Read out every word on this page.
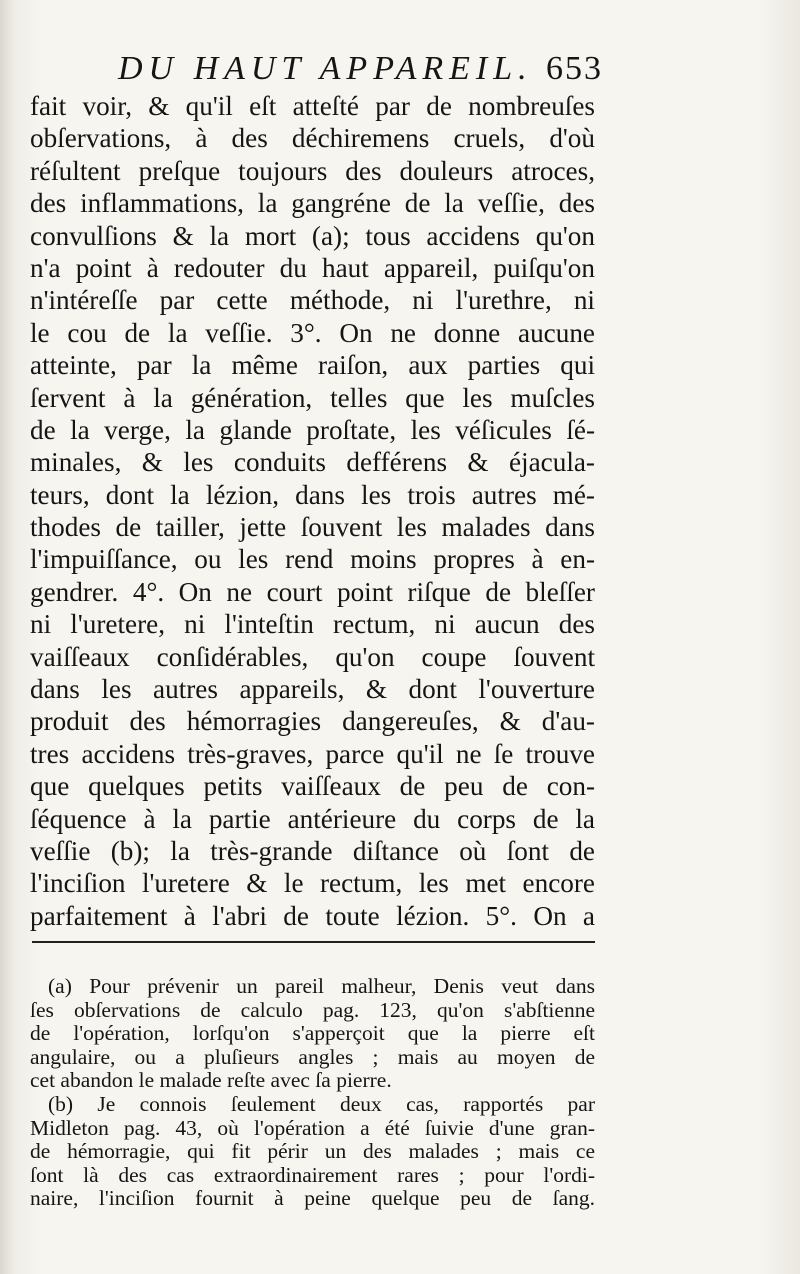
DU HAUT APPAREIL. 653
fait voir, & qu'il eſt atteſté par de nombreuſes
obſervations, à des déchiremens cruels, d'où
réſultent preſque toujours des douleurs atroces,
des inflammations, la gangréne de la veſſie, des
convulſions & la mort (a); tous accidens qu'on
n'a point à redouter du haut appareil, puiſqu'on
n'intéreſſe par cette méthode, ni l'urethre, ni
le cou de la veſſie. 3°. On ne donne aucune
atteinte, par la même raiſon, aux parties qui
ſervent à la génération, telles que les muſcles
de la verge, la glande proſtate, les véſicules ſé-
minales, & les conduits defférens & éjacula-
teurs, dont la lézion, dans les trois autres mé-
thodes de tailler, jette ſouvent les malades dans
l'impuiſſance, ou les rend moins propres à en-
gendrer. 4°. On ne court point riſque de bleſſer
ni l'uretere, ni l'inteſtin rectum, ni aucun des
vaiſſeaux conſidérables, qu'on coupe ſouvent
dans les autres appareils, & dont l'ouverture
produit des hémorragies dangereuſes, & d'au-
tres accidens très-graves, parce qu'il ne ſe trouve
que quelques petits vaiſſeaux de peu de con-
ſéquence à la partie antérieure du corps de la
veſſie (b); la très-grande diſtance où ſont de
l'inciſion l'uretere & le rectum, les met encore
parfaitement à l'abri de toute lézion. 5°. On a
(a) Pour prévenir un pareil malheur, Denis veut dans
ſes obſervations de calculo pag. 123, qu'on s'abſtienne
de l'opération, lorſqu'on s'apperçoit que la pierre eſt
angulaire, ou a pluſieurs angles ; mais au moyen de
cet abandon le malade reſte avec ſa pierre.
(b) Je connois ſeulement deux cas, rapportés par
Midleton pag. 43, où l'opération a été ſuivie d'une gran-
de hémorragie, qui fit périr un des malades ; mais ce
ſont là des cas extraordinairement rares ; pour l'ordi-
naire, l'inciſion fournit à peine quelque peu de ſang.
